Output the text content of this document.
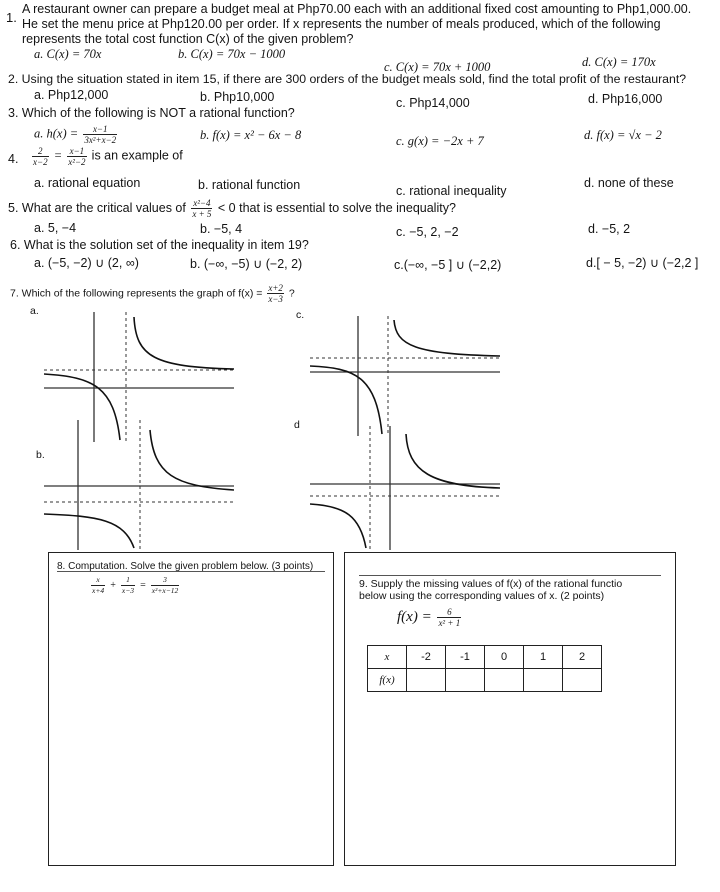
1.
A restaurant owner can prepare a budget meal at Php70.00 each with an additional fixed cost amounting to Php1,000.00.
He set the menu price at Php120.00 per order. If x represents the number of meals produced, which of the following
represents the total cost function C(x) of the given problem?
a. C(x) = 70x	b. C(x) = 70x − 1000
c. C(x) = 70x + 1000	d. C(x) = 170x
2. Using the situation stated in item 15, if there are 300 orders of the budget meals sold, find the total profit of the restaurant?
a. Php12,000	b. Php10,000	c. Php14,000	d. Php16,000
3. Which of the following is NOT a rational function?
a. $h(x) = \frac{x-1}{\text{3x²+x−2}}$	b. f(x) = x² − 6x − 8	c. g(x) = −2x + 7	d. f(x) = √x − 2
4. $\frac{2}{x-2} = \frac{x-1}{\text{x²−2}}$ is an example of
a. rational equation	b. rational function	c. rational inequality
d. none of these
5. What are the critical values of $\frac{\text{x²−4}}{x + 5} < 0$ that is essential to solve the inequality?
a. 5, −4	b. −5, 4	c. −5, 2, −2	d. −5, 2
6. What is the solution set of the inequality in item 19?
a. (−5, −2) ∪ (2, ∞)	b. (−∞, −5) ∪ (−2, 2)	c.(−∞, −5 ] ∪ (−2,2)	d.[ − 5, −2) ∪ (−2,2 ]
7. Which of the following represents the graph of $f(x) = \frac{x+2}{x-3}$ ?
a.
b.
c.
d
8. Computation. Solve the given problem below. (3 points)
$\frac{x}{x+4} + \frac{1}{x-3} = \frac{3}{\text{x²+x−12}}$	9. Supply the missing values of f(x) of the rational functio
below using the corresponding values of x. (2 points)
$f(x) = \frac{6}{\text{x² + 1}}$
x	-2	-1	0	1	2
f(x)					
